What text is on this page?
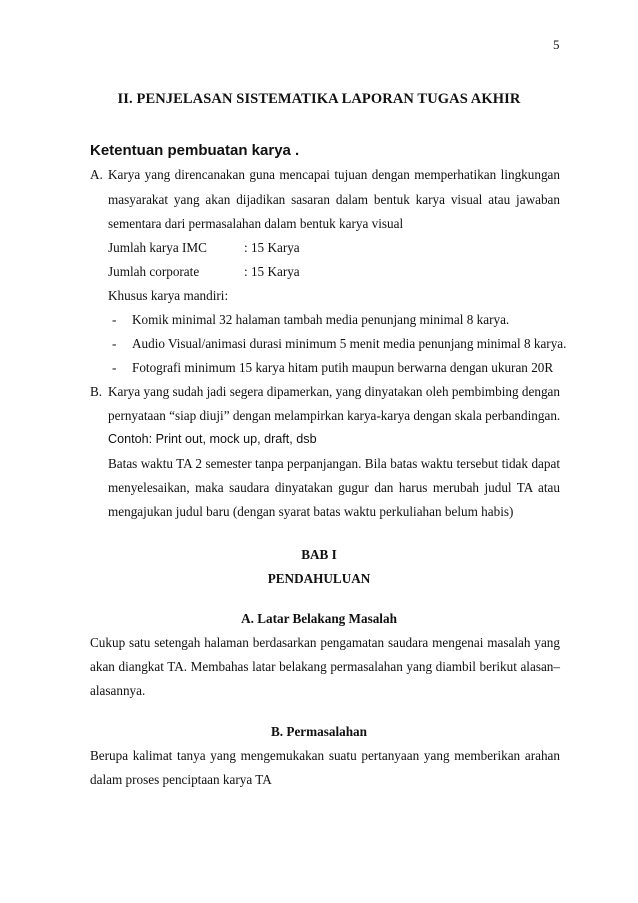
5
II. PENJELASAN SISTEMATIKA LAPORAN TUGAS AKHIR
Ketentuan pembuatan karya .
A. Karya yang direncanakan guna mencapai tujuan dengan memperhatikan lingkungan
masyarakat yang akan dijadikan sasaran dalam bentuk karya visual atau jawaban
sementara dari permasalahan dalam bentuk karya visual
Jumlah karya IMC	: 15 Karya
Jumlah corporate	: 15 Karya
Khusus karya mandiri:
- Komik minimal 32 halaman tambah media penunjang minimal 8 karya.
- Audio Visual/animasi durasi minimum 5 menit media penunjang minimal 8 karya.
- Fotografi minimum 15 karya hitam putih maupun berwarna dengan ukuran 20R
B. Karya yang sudah jadi segera dipamerkan, yang dinyatakan oleh pembimbing dengan
pernyataan “siap diuji” dengan melampirkan karya-karya dengan skala perbandingan.
Contoh: Print out, mock up, draft, dsb
Batas waktu TA 2 semester tanpa perpanjangan. Bila batas waktu tersebut tidak dapat
menyelesaikan, maka saudara dinyatakan gugur dan harus merubah judul TA atau
mengajukan judul baru (dengan syarat batas waktu perkuliahan belum habis)
BAB I
PENDAHULUAN
A. Latar Belakang Masalah
Cukup satu setengah halaman berdasarkan pengamatan saudara mengenai masalah yang
akan diangkat TA. Membahas latar belakang permasalahan yang diambil berikut alasan–
alasannya.
B. Permasalahan
Berupa kalimat tanya yang mengemukakan suatu pertanyaan yang memberikan arahan
dalam proses penciptaan karya TA
